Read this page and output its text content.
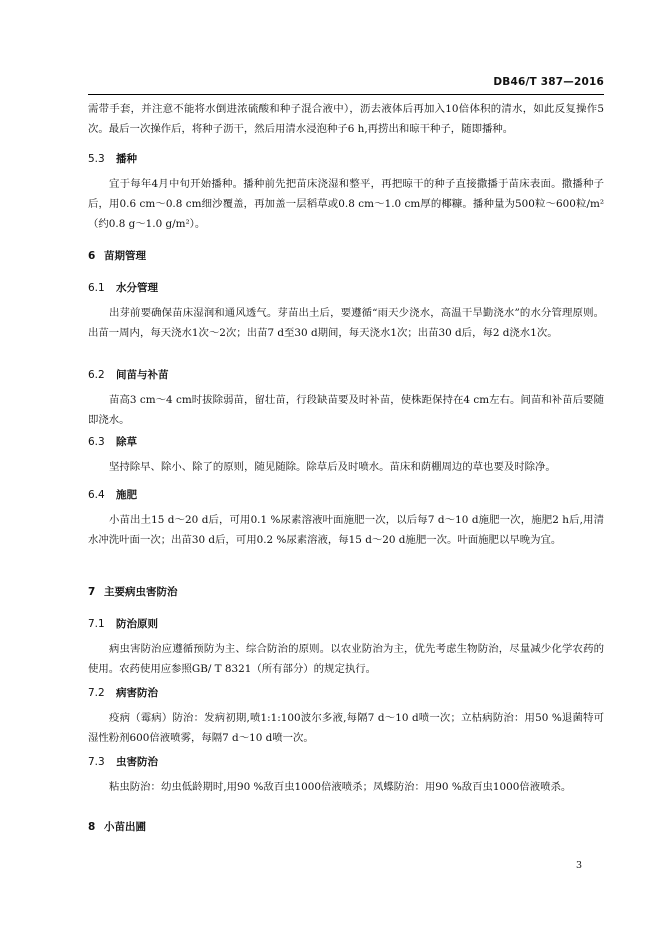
DB46/T 387—2016

需带手套，并注意不能将水倒进浓硫酸和种子混合液中），沥去液体后再加入10倍体积的清水，如此反复操作5次。最后一次操作后，将种子沥干，然后用清水浸泡种子6 h,再捞出和晾干种子，随即播种。

5.3 播种

宜于每年4月中旬开始播种。播种前先把苗床浇湿和整平，再把晾干的种子直接撒播于苗床表面。撒播种子后，用0.6 cm～0.8 cm细沙覆盖，再加盖一层稻草或0.8 cm～1.0 cm厚的椰糠。播种量为500粒～600粒/m²（约0.8 g～1.0 g/m²）。

6 苗期管理
6.1 水分管理

出芽前要确保苗床湿润和通风透气。芽苗出土后，要遵循“雨天少浇水，高温干旱勤浇水”的水分管理原则。出苗一周内，每天浇水1次～2次；出苗7 d至30 d期间，每天浇水1次；出苗30 d后，每2 d浇水1次。

6.2 间苗与补苗

苗高3 cm～4 cm时拔除弱苗，留壮苗，行段缺苗要及时补苗，使株距保持在4 cm左右。间苗和补苗后要随即浇水。

6.3 除草

坚持除早、除小、除了的原则，随见随除。除草后及时喷水。苗床和荫棚周边的草也要及时除净。

6.4 施肥

小苗出土15 d～20 d后，可用0.1 %尿素溶液叶面施肥一次，以后每7 d～10 d施肥一次，施肥2 h后,用清水冲洗叶面一次；出苗30 d后，可用0.2 %尿素溶液，每15 d～20 d施肥一次。叶面施肥以早晚为宜。

7 主要病虫害防治
7.1 防治原则

病虫害防治应遵循预防为主、综合防治的原则。以农业防治为主，优先考虑生物防治，尽量减少化学农药的使用。农药使用应参照GB/ T 8321（所有部分）的规定执行。

7.2 病害防治

疫病（霉病）防治：发病初期,喷1:1:100波尔多液,每隔7 d～10 d喷一次；立枯病防治：用50 %退菌特可湿性粉剂600倍液喷雾，每隔7 d～10 d喷一次。

7.3 虫害防治

粘虫防治：幼虫低龄期时,用90 %敌百虫1000倍液喷杀；凤蝶防治：用90 %敌百虫1000倍液喷杀。

8 小苗出圃
3
